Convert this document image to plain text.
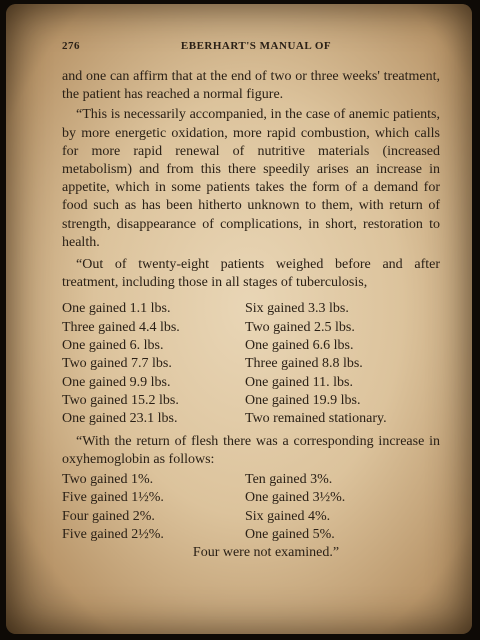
276	EBERHART'S MANUAL OF

and one can affirm that at the end of two or three weeks' treatment, the patient has reached a normal figure.

“This is necessarily accompanied, in the case of anemic patients, by more energetic oxidation, more rapid combustion, which calls for more rapid renewal of nutritive materials (increased metabolism) and from this there speedily arises an increase in appetite, which in some patients takes the form of a demand for food such as has been hitherto unknown to them, with return of strength, disappearance of complications, in short, restoration to health.

“Out of twenty-eight patients weighed before and after treatment, including those in all stages of tuberculosis,

One gained 1.1 lbs.	Six gained 3.3 lbs.
Three gained 4.4 lbs.	Two gained 2.5 lbs.
One gained 6. lbs.	One gained 6.6 lbs.
Two gained 7.7 lbs.	Three gained 8.8 lbs.
One gained 9.9 lbs.	One gained 11. lbs.
Two gained 15.2 lbs.	One gained 19.9 lbs.
One gained 23.1 lbs.	Two remained stationary.

“With the return of flesh there was a corresponding increase in oxyhemoglobin as follows:

Two gained 1%.	Ten gained 3%.
Five gained 1½%.	One gained 3½%.
Four gained 2%.	Six gained 4%.
Five gained 2½%.	One gained 5%.
Four were not examined.”
